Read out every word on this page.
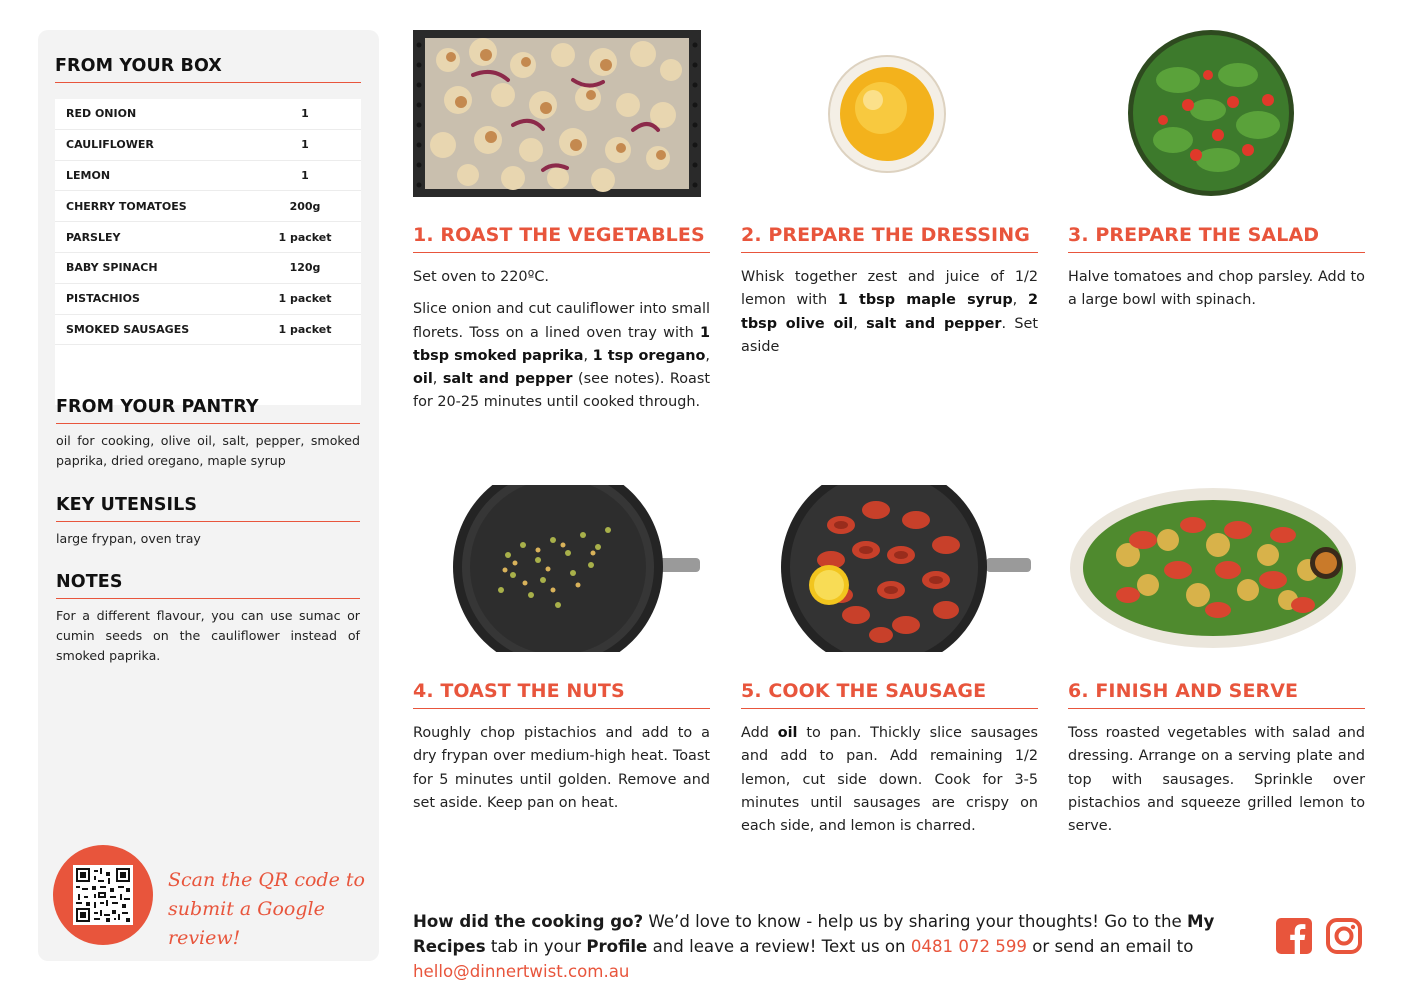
FROM YOUR BOX
RED ONION	1
CAULIFLOWER	1
LEMON	1
CHERRY TOMATOES	200g
PARSLEY	1 packet
BABY SPINACH	120g
PISTACHIOS	1 packet
SMOKED SAUSAGES	1 packet
FROM YOUR PANTRY
oil for cooking, olive oil, salt, pepper, smoked paprika, dried oregano, maple syrup
KEY UTENSILS
large frypan, oven tray
NOTES
For a different flavour, you can use sumac or cumin seeds on the cauliflower instead of smoked paprika.
Scan the QR code to
submit a Google review!
1. ROAST THE VEGETABLES
Set oven to 220ºC.
Slice onion and cut cauliflower into small florets. Toss on a lined oven tray with 1 tbsp smoked paprika, 1 tsp oregano, oil, salt and pepper (see notes). Roast for 20-25 minutes until cooked through.
2. PREPARE THE DRESSING
Whisk together zest and juice of 1/2 lemon with 1 tbsp maple syrup, 2 tbsp olive oil, salt and pepper. Set aside
3. PREPARE THE SALAD
Halve tomatoes and chop parsley. Add to a large bowl with spinach.
4. TOAST THE NUTS
Roughly chop pistachios and add to a dry frypan over medium-high heat. Toast for 5 minutes until golden. Remove and set aside. Keep pan on heat.
5. COOK THE SAUSAGE
Add oil to pan. Thickly slice sausages and add to pan. Add remaining 1/2 lemon, cut side down. Cook for 3-5 minutes until sausages are crispy on each side, and lemon is charred.
6. FINISH AND SERVE
Toss roasted vegetables with salad and dressing. Arrange on a serving plate and top with sausages. Sprinkle over pistachios and squeeze grilled lemon to serve.
How did the cooking go? We’d love to know - help us by sharing your thoughts! Go to the My Recipes tab in your Profile and leave a review! Text us on 0481 072 599 or send an email to hello@dinnertwist.com.au
